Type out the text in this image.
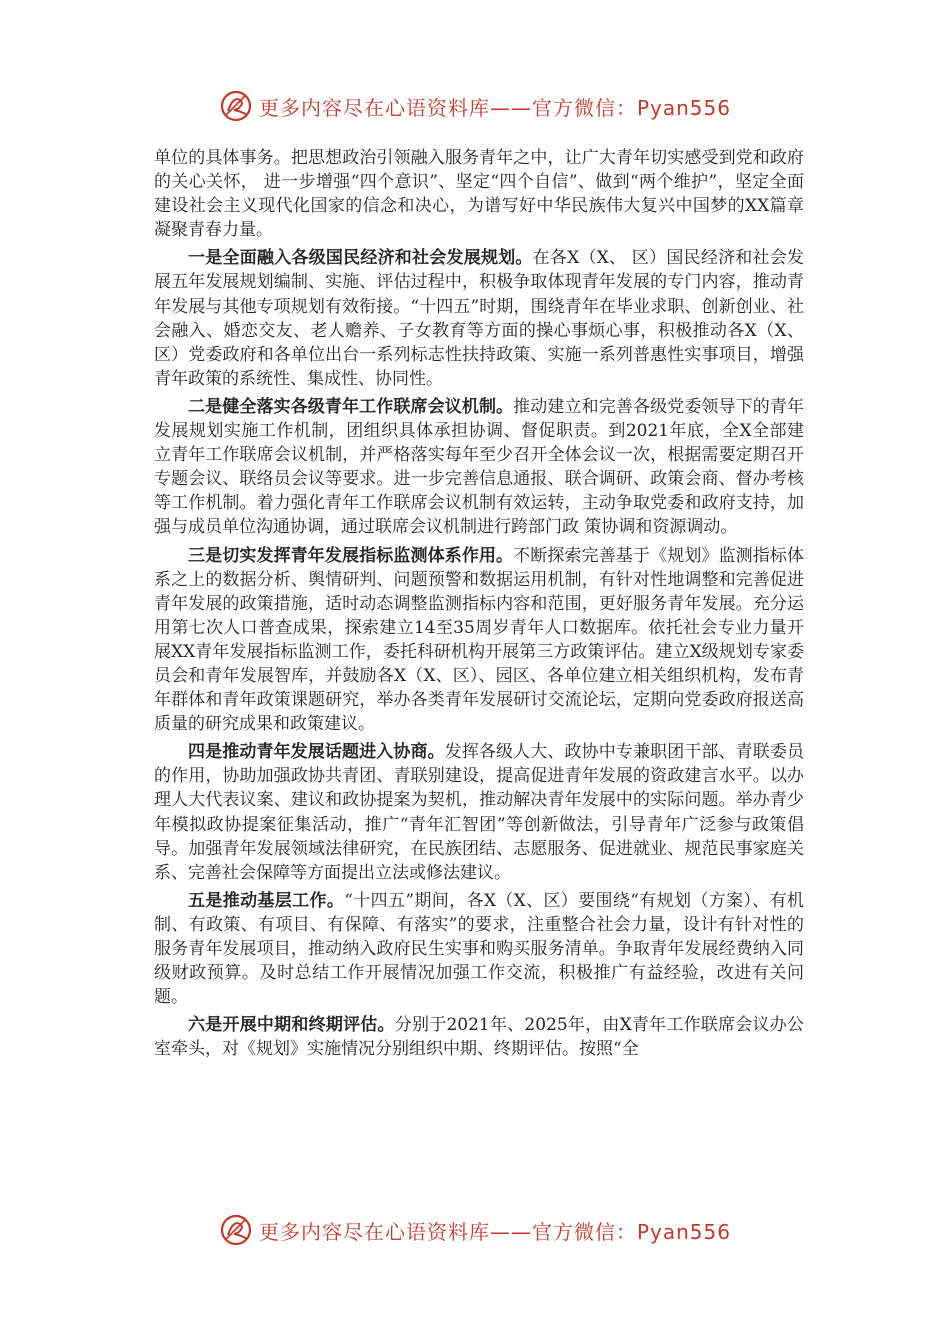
更多内容尽在心语资料库——官方微信：Pyan556

单位的具体事务。把思想政治引领融入服务青年之中，让广大青年切实感受到党和政府的关心关怀， 进一步增强“四个意识”、坚定“四个自信”、做到“两个维护”，坚定全面建设社会主义现代化国家的信念和决心，为谱写好中华民族伟大复兴中国梦的XX篇章凝聚青春力量。

一是全面融入各级国民经济和社会发展规划。在各X（X、 区）国民经济和社会发展五年发展规划编制、实施、评估过程中，积极争取体现青年发展的专门内容，推动青年发展与其他专项规划有效衔接。“十四五”时期，围绕青年在毕业求职、创新创业、社会融入、婚恋交友、老人赡养、子女教育等方面的操心事烦心事，积极推动各X（X、区）党委政府和各单位出台一系列标志性扶持政策、实施一系列普惠性实事项目，增强青年政策的系统性、集成性、协同性。

二是健全落实各级青年工作联席会议机制。推动建立和完善各级党委领导下的青年发展规划实施工作机制，团组织具体承担协调、督促职责。到2021年底，全X全部建立青年工作联席会议机制，并严格落实每年至少召开全体会议一次，根据需要定期召开专题会议、联络员会议等要求。进一步完善信息通报、联合调研、政策会商、督办考核等工作机制。着力强化青年工作联席会议机制有效运转，主动争取党委和政府支持，加强与成员单位沟通协调，通过联席会议机制进行跨部门政 策协调和资源调动。

三是切实发挥青年发展指标监测体系作用。不断探索完善基于《规划》监测指标体系之上的数据分析、舆情研判、问题预警和数据运用机制，有针对性地调整和完善促进青年发展的政策措施，适时动态调整监测指标内容和范围，更好服务青年发展。充分运用第七次人口普查成果，探索建立14至35周岁青年人口数据库。依托社会专业力量开展XX青年发展指标监测工作，委托科研机构开展第三方政策评估。建立X级规划专家委员会和青年发展智库，并鼓励各X（X、区）、园区、各单位建立相关组织机构，发布青年群体和青年政策课题研究，举办各类青年发展研讨交流论坛，定期向党委政府报送高质量的研究成果和政策建议。

四是推动青年发展话题进入协商。发挥各级人大、政协中专兼职团干部、青联委员的作用，协助加强政协共青团、青联别建设，提高促进青年发展的资政建言水平。以办理人大代表议案、建议和政协提案为契机，推动解决青年发展中的实际问题。举办青少年模拟政协提案征集活动，推广“青年汇智团”等创新做法，引导青年广泛参与政策倡导。加强青年发展领域法律研究，在民族团结、志愿服务、促进就业、规范民事家庭关系、完善社会保障等方面提出立法或修法建议。

五是推动基层工作。“十四五”期间，各X（X、区）要围绕“有规划（方案）、有机制、有政策、有项目、有保障、有落实”的要求，注重整合社会力量，设计有针对性的服务青年发展项目，推动纳入政府民生实事和购买服务清单。争取青年发展经费纳入同级财政预算。及时总结工作开展情况加强工作交流，积极推广有益经验，改进有关问题。

六是开展中期和终期评估。分别于2021年、2025年，由X青年工作联席会议办公室牵头，对《规划》实施情况分别组织中期、终期评估。按照“全

更多内容尽在心语资料库——官方微信：Pyan556
